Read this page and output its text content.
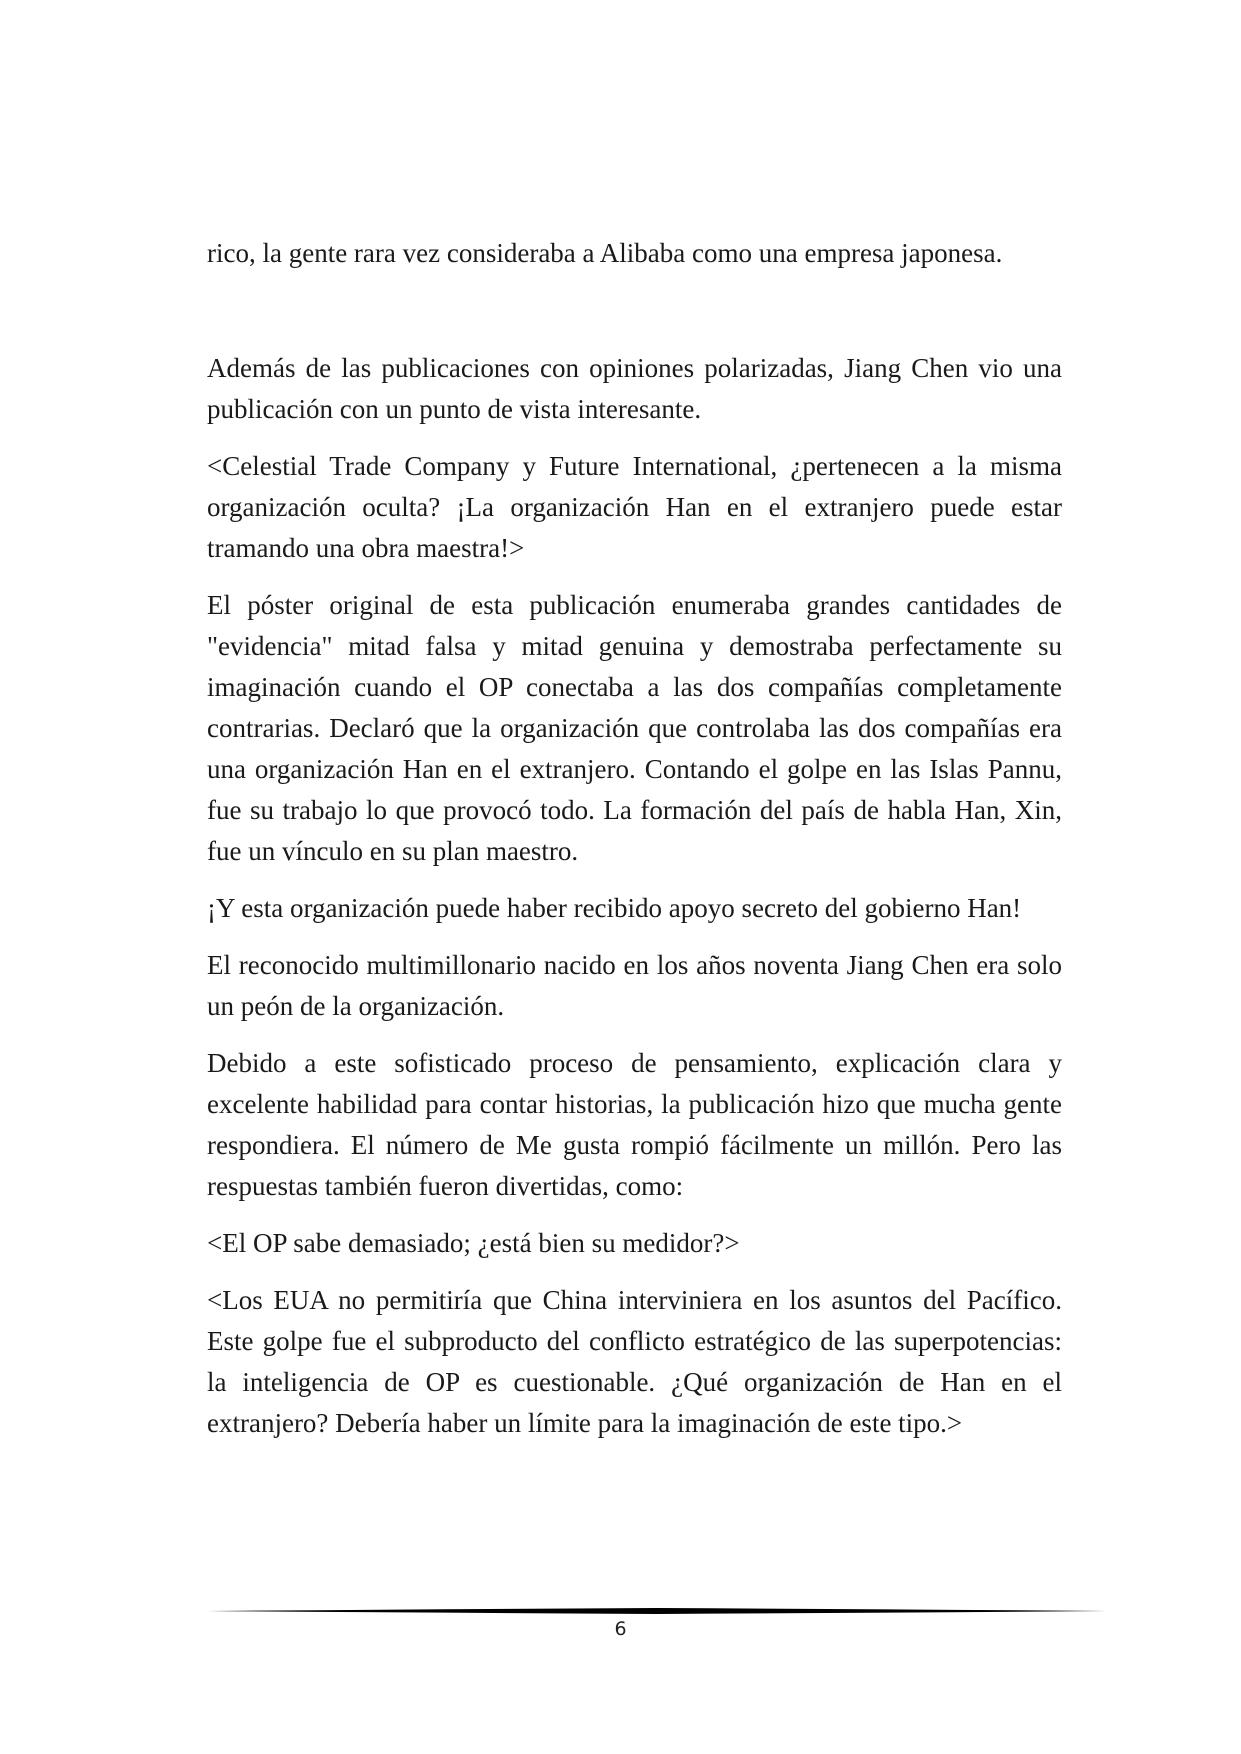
rico, la gente rara vez consideraba a Alibaba como una empresa japonesa.

Además de las publicaciones con opiniones polarizadas, Jiang Chen vio una publicación con un punto de vista interesante.

<Celestial Trade Company y Future International, ¿pertenecen a la misma organización oculta? ¡La organización Han en el extranjero puede estar tramando una obra maestra!>

El póster original de esta publicación enumeraba grandes cantidades de "evidencia" mitad falsa y mitad genuina y demostraba perfectamente su imaginación cuando el OP conectaba a las dos compañías completamente contrarias. Declaró que la organización que controlaba las dos compañías era una organización Han en el extranjero. Contando el golpe en las Islas Pannu, fue su trabajo lo que provocó todo. La formación del país de habla Han, Xin, fue un vínculo en su plan maestro.

¡Y esta organización puede haber recibido apoyo secreto del gobierno Han!

El reconocido multimillonario nacido en los años noventa Jiang Chen era solo un peón de la organización.

Debido a este sofisticado proceso de pensamiento, explicación clara y excelente habilidad para contar historias, la publicación hizo que mucha gente respondiera. El número de Me gusta rompió fácilmente un millón. Pero las respuestas también fueron divertidas, como:

<El OP sabe demasiado; ¿está bien su medidor?>

<Los EUA no permitiría que China interviniera en los asuntos del Pacífico. Este golpe fue el subproducto del conflicto estratégico de las superpotencias: la inteligencia de OP es cuestionable. ¿Qué organización de Han en el extranjero? Debería haber un límite para la imaginación de este tipo.>

6
